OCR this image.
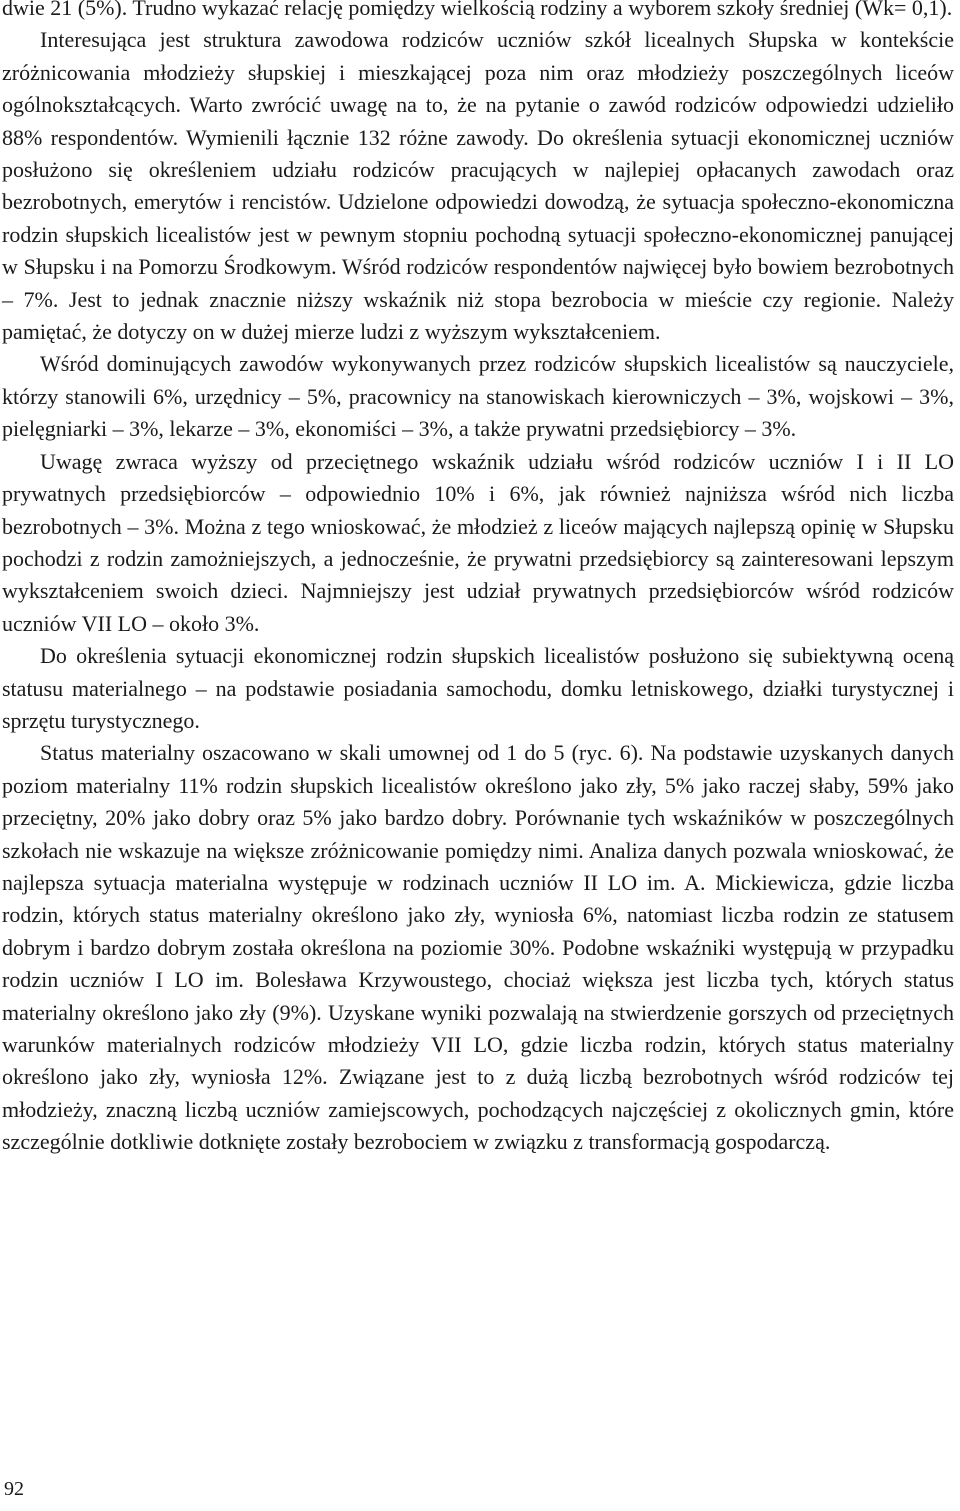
dwie 21 (5%). Trudno wykazać relację pomiędzy wielkością rodziny a wyborem szkoły średniej (Wk= 0,1).

Interesująca jest struktura zawodowa rodziców uczniów szkół licealnych Słupska w kontekście zróżnicowania młodzieży słupskiej i mieszkającej poza nim oraz młodzieży poszczególnych liceów ogólnokształcących. Warto zwrócić uwagę na to, że na pytanie o zawód rodziców odpowiedzi udzieliło 88% respondentów. Wymienili łącznie 132 różne zawody. Do określenia sytuacji ekonomicznej uczniów posłużono się określeniem udziału rodziców pracujących w najlepiej opłacanych zawodach oraz bezrobotnych, emerytów i rencistów. Udzielone odpowiedzi dowodzą, że sytuacja społeczno-ekonomiczna rodzin słupskich licealistów jest w pewnym stopniu pochodną sytuacji społeczno-ekonomicznej panującej w Słupsku i na Pomorzu Środkowym. Wśród rodziców respondentów najwięcej było bowiem bezrobotnych – 7%. Jest to jednak znacznie niższy wskaźnik niż stopa bezrobocia w mieście czy regionie. Należy pamiętać, że dotyczy on w dużej mierze ludzi z wyższym wykształceniem.

Wśród dominujących zawodów wykonywanych przez rodziców słupskich licealistów są nauczyciele, którzy stanowili 6%, urzędnicy – 5%, pracownicy na stanowiskach kierowniczych – 3%, wojskowi – 3%, pielęgniarki – 3%, lekarze – 3%, ekonomiści – 3%, a także prywatni przedsiębiorcy – 3%.

Uwagę zwraca wyższy od przeciętnego wskaźnik udziału wśród rodziców uczniów I i II LO prywatnych przedsiębiorców – odpowiednio 10% i 6%, jak również najniższa wśród nich liczba bezrobotnych – 3%. Można z tego wnioskować, że młodzież z liceów mających najlepszą opinię w Słupsku pochodzi z rodzin zamożniejszych, a jednocześnie, że prywatni przedsiębiorcy są zainteresowani lepszym wykształceniem swoich dzieci. Najmniejszy jest udział prywatnych przedsiębiorców wśród rodziców uczniów VII LO – około 3%.

Do określenia sytuacji ekonomicznej rodzin słupskich licealistów posłużono się subiektywną oceną statusu materialnego – na podstawie posiadania samochodu, domku letniskowego, działki turystycznej i sprzętu turystycznego.

Status materialny oszacowano w skali umownej od 1 do 5 (ryc. 6). Na podstawie uzyskanych danych poziom materialny 11% rodzin słupskich licealistów określono jako zły, 5% jako raczej słaby, 59% jako przeciętny, 20% jako dobry oraz 5% jako bardzo dobry. Porównanie tych wskaźników w poszczególnych szkołach nie wskazuje na większe zróżnicowanie pomiędzy nimi. Analiza danych pozwala wnioskować, że najlepsza sytuacja materialna występuje w rodzinach uczniów II LO im. A. Mickiewicza, gdzie liczba rodzin, których status materialny określono jako zły, wyniosła 6%, natomiast liczba rodzin ze statusem dobrym i bardzo dobrym została określona na poziomie 30%. Podobne wskaźniki występują w przypadku rodzin uczniów I LO im. Bolesława Krzywoustego, chociaż większa jest liczba tych, których status materialny określono jako zły (9%). Uzyskane wyniki pozwalają na stwierdzenie gorszych od przeciętnych warunków materialnych rodziców młodzieży VII LO, gdzie liczba rodzin, których status materialny określono jako zły, wyniosła 12%. Związane jest to z dużą liczbą bezrobotnych wśród rodziców tej młodzieży, znaczną liczbą uczniów zamiejscowych, pochodzących najczęściej z okolicznych gmin, które szczególnie dotkliwie dotknięte zostały bezrobociem w związku z transformacją gospodarczą.

92
